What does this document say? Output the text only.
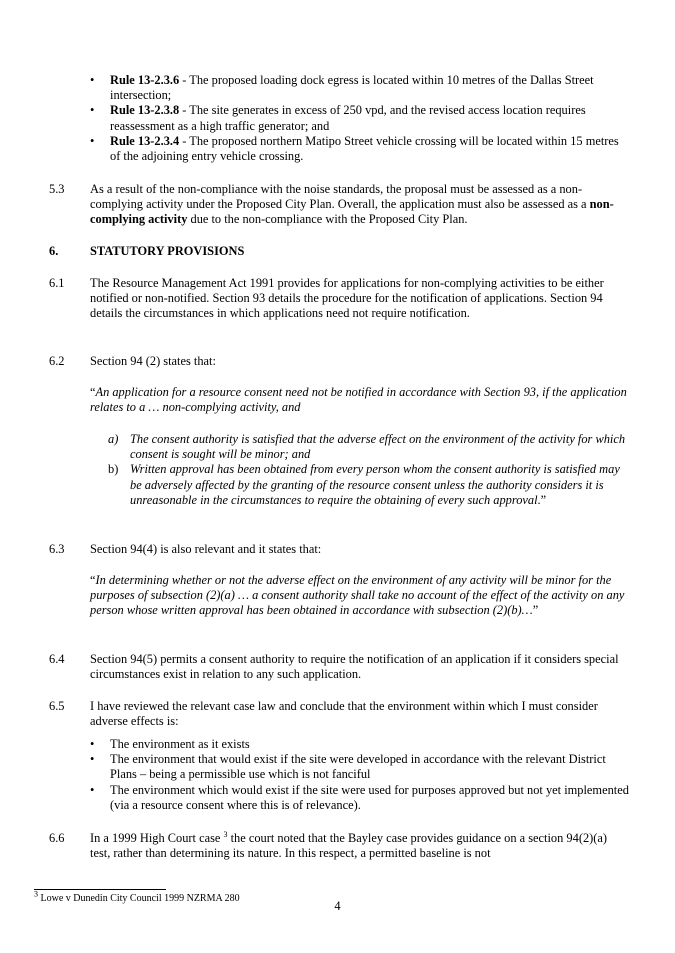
• Rule 13-2.3.6 - The proposed loading dock egress is located within 10 metres of the Dallas Street intersection;
• Rule 13-2.3.8 - The site generates in excess of 250 vpd, and the revised access location requires reassessment as a high traffic generator; and
• Rule 13-2.3.4 - The proposed northern Matipo Street vehicle crossing will be located within 15 metres of the adjoining entry vehicle crossing.
5.3 As a result of the non-compliance with the noise standards, the proposal must be assessed as a non-complying activity under the Proposed City Plan. Overall, the application must also be assessed as a non-complying activity due to the non-compliance with the Proposed City Plan.
6.	STATUTORY PROVISIONS
6.1 The Resource Management Act 1991 provides for applications for non-complying activities to be either notified or non-notified. Section 93 details the procedure for the notification of applications. Section 94 details the circumstances in which applications need not require notification.
6.2 Section 94 (2) states that:
“An application for a resource consent need not be notified in accordance with Section 93, if the application relates to a … non-complying activity, and
a) The consent authority is satisfied that the adverse effect on the environment of the activity for which consent is sought will be minor; and
b) Written approval has been obtained from every person whom the consent authority is satisfied may be adversely affected by the granting of the resource consent unless the authority considers it is unreasonable in the circumstances to require the obtaining of every such approval.”
6.3 Section 94(4) is also relevant and it states that:
“In determining whether or not the adverse effect on the environment of any activity will be minor for the purposes of subsection (2)(a) … a consent authority shall take no account of the effect of the activity on any person whose written approval has been obtained in accordance with subsection (2)(b)…”
6.4 Section 94(5) permits a consent authority to require the notification of an application if it considers special circumstances exist in relation to any such application.
6.5 I have reviewed the relevant case law and conclude that the environment within which I must consider adverse effects is:
• The environment as it exists
• The environment that would exist if the site were developed in accordance with the relevant District Plans – being a permissible use which is not fanciful
• The environment which would exist if the site were used for purposes approved but not yet implemented (via a resource consent where this is of relevance).
6.6 In a 1999 High Court case $^3$ the court noted that the Bayley case provides guidance on a section 94(2)(a) test, rather than determining its nature. In this respect, a permitted baseline is not
$^3$ Lowe v Dunedin City Council 1999 NZRMA 280
4
